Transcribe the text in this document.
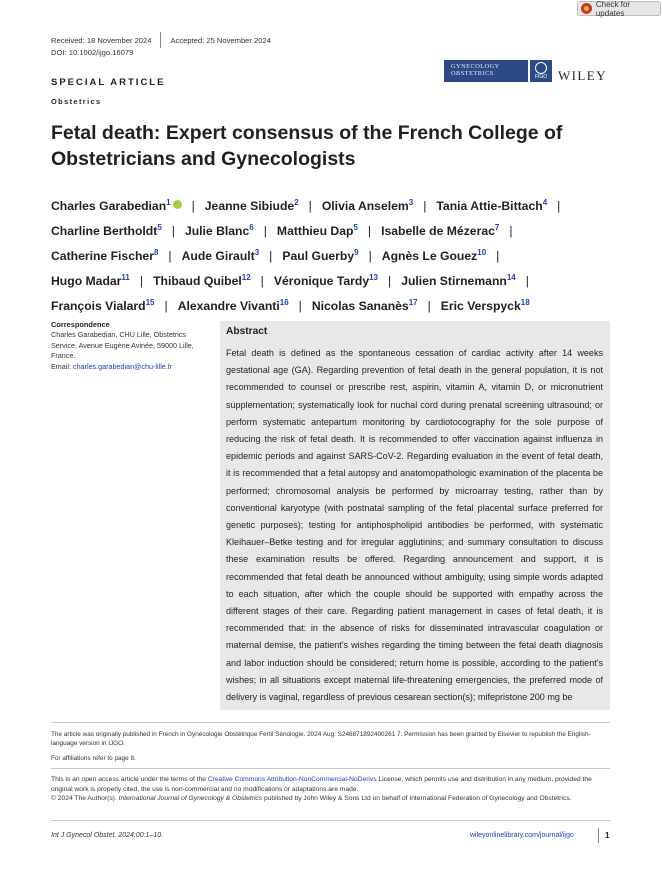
Check for updates
Received: 18 November 2024	Accepted: 25 November 2024
DOI: 10.1002/ijgo.16079
SPECIAL ARTICLE
Obstetrics
GYNECOLOGY
OBSTETRICS	FIGO WILEY
Fetal death: Expert consensus of the French College of Obstetricians and Gynecologists
Charles Garabedian$^1$ | Jeanne Sibiude$^2$ | Olivia Anselem$^3$ | Tania Attie-Bittach$^4$ |
Charline Bertholdt$^5$ | Julie Blanc$^6$ | Matthieu Dap$^5$ | Isabelle de Mézerac$^7$ |
Catherine Fischer$^8$ | Aude Girault$^3$ | Paul Guerby$^9$ | Agnès Le Gouez$^{10}$ |
Hugo Madar$^{11}$ | Thibaud Quibel$^{12}$ | Véronique Tardy$^{13}$ | Julien Stirnemann$^{14}$ |
François Vialard$^{15}$ | Alexandre Vivanti$^{16}$ | Nicolas Sananès$^{17}$ | Eric Verspyck$^{18}$
Correspondence
Charles Garabedian, CHU Lille, Obstetrics Service, Avenue Eugène Avinée, 59000 Lille, France.
Email: charles.garabedian@chu-lille.fr
Abstract
Fetal death is defined as the spontaneous cessation of cardiac activity after 14 weeks gestational age (GA). Regarding prevention of fetal death in the general population, it is not recommended to counsel or prescribe rest, aspirin, vitamin A, vitamin D, or micronutrient supplementation; systematically look for nuchal cord during prenatal screening ultrasound; or perform systematic antepartum monitoring by cardiotocography for the sole purpose of reducing the risk of fetal death. It is recommended to offer vaccination against influenza in epidemic periods and against SARS-CoV-2. Regarding evaluation in the event of fetal death, it is recommended that a fetal autopsy and anatomopathologic examination of the placenta be performed; chromosomal analysis be performed by microarray testing, rather than by conventional karyotype (with postnatal sampling of the fetal placental surface preferred for genetic purposes); testing for antiphospholipid antibodies be performed, with systematic Kleihauer–Betke testing and for irregular agglutinins; and summary consultation to discuss these examination results be offered. Regarding announcement and support, it is recommended that fetal death be announced without ambiguity, using simple words adapted to each situation, after which the couple should be supported with empathy across the different stages of their care. Regarding patient management in cases of fetal death, it is recommended that: in the absence of risks for disseminated intravascular coagulation or maternal demise, the patient's wishes regarding the timing between the fetal death diagnosis and labor induction should be considered; return home is possible, according to the patient's wishes; in all situations except maternal life-threatening emergencies, the preferred mode of delivery is vaginal, regardless of previous cesarean section(s); mifepristone 200 mg be
The article was originally published in French in Gynécologie Obstétrique Fertil Sénologie. 2024 Aug: S246871892400261 7. Permission has been granted by Elsevier to republish the English-language version in IJGO.
For affiliations refer to page 8.
This is an open access article under the terms of the Creative Commons Attribution-NonCommercial-NoDerivs License, which permits use and distribution in any medium, provided the original work is properly cited, the use is non-commercial and no modifications or adaptations are made.
© 2024 The Author(s). International Journal of Gynecology & Obstetrics published by John Wiley & Sons Ltd on behalf of International Federation of Gynecology and Obstetrics.
Int J Gynecol Obstet. 2024;00:1–10.	wileyonlinelibrary.com/journal/ijgo	1
